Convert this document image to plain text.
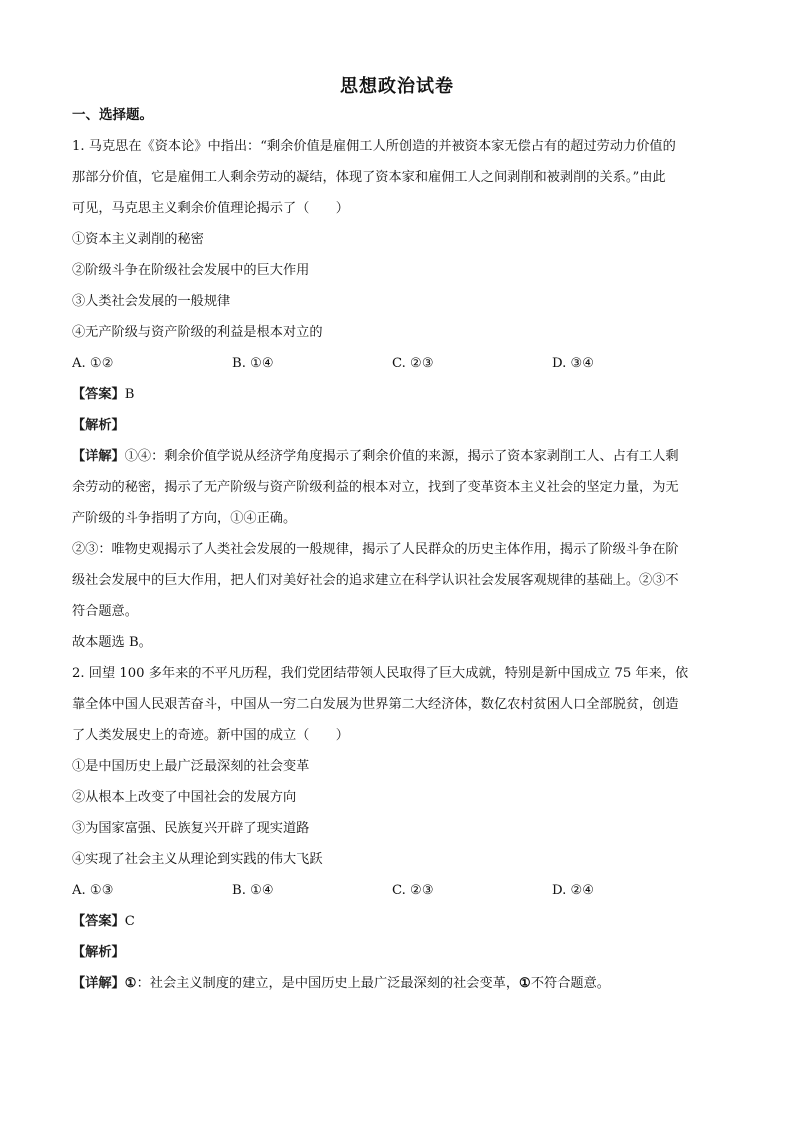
思想政治试卷
一、选择题。
1. 马克思在《资本论》中指出：“剩余价值是雇佣工人所创造的并被资本家无偿占有的超过劳动力价值的
那部分价值，它是雇佣工人剩余劳动的凝结，体现了资本家和雇佣工人之间剥削和被剥削的关系。”由此
可见，马克思主义剩余价值理论揭示了（　　）
①资本主义剥削的秘密
②阶级斗争在阶级社会发展中的巨大作用
③人类社会发展的一般规律
④无产阶级与资产阶级的利益是根本对立的
A. ①②	B. ①④	C. ②③	D. ③④
【答案】B
【解析】
【详解】①④：剩余价值学说从经济学角度揭示了剩余价值的来源，揭示了资本家剥削工人、占有工人剩
余劳动的秘密，揭示了无产阶级与资产阶级利益的根本对立，找到了变革资本主义社会的坚定力量，为无
产阶级的斗争指明了方向，①④正确。
②③：唯物史观揭示了人类社会发展的一般规律，揭示了人民群众的历史主体作用，揭示了阶级斗争在阶
级社会发展中的巨大作用，把人们对美好社会的追求建立在科学认识社会发展客观规律的基础上。②③不
符合题意。
故本题选 B。
2. 回望 100 多年来的不平凡历程，我们党团结带领人民取得了巨大成就，特别是新中国成立 75 年来，依
靠全体中国人民艰苦奋斗，中国从一穷二白发展为世界第二大经济体，数亿农村贫困人口全部脱贫，创造
了人类发展史上的奇迹。新中国的成立（　　）
①是中国历史上最广泛最深刻的社会变革
②从根本上改变了中国社会的发展方向
③为国家富强、民族复兴开辟了现实道路
④实现了社会主义从理论到实践的伟大飞跃
A. ①③	B. ①④	C. ②③	D. ②④
【答案】C
【解析】
【详解】①：社会主义制度的建立，是中国历史上最广泛最深刻的社会变革，①不符合题意。
